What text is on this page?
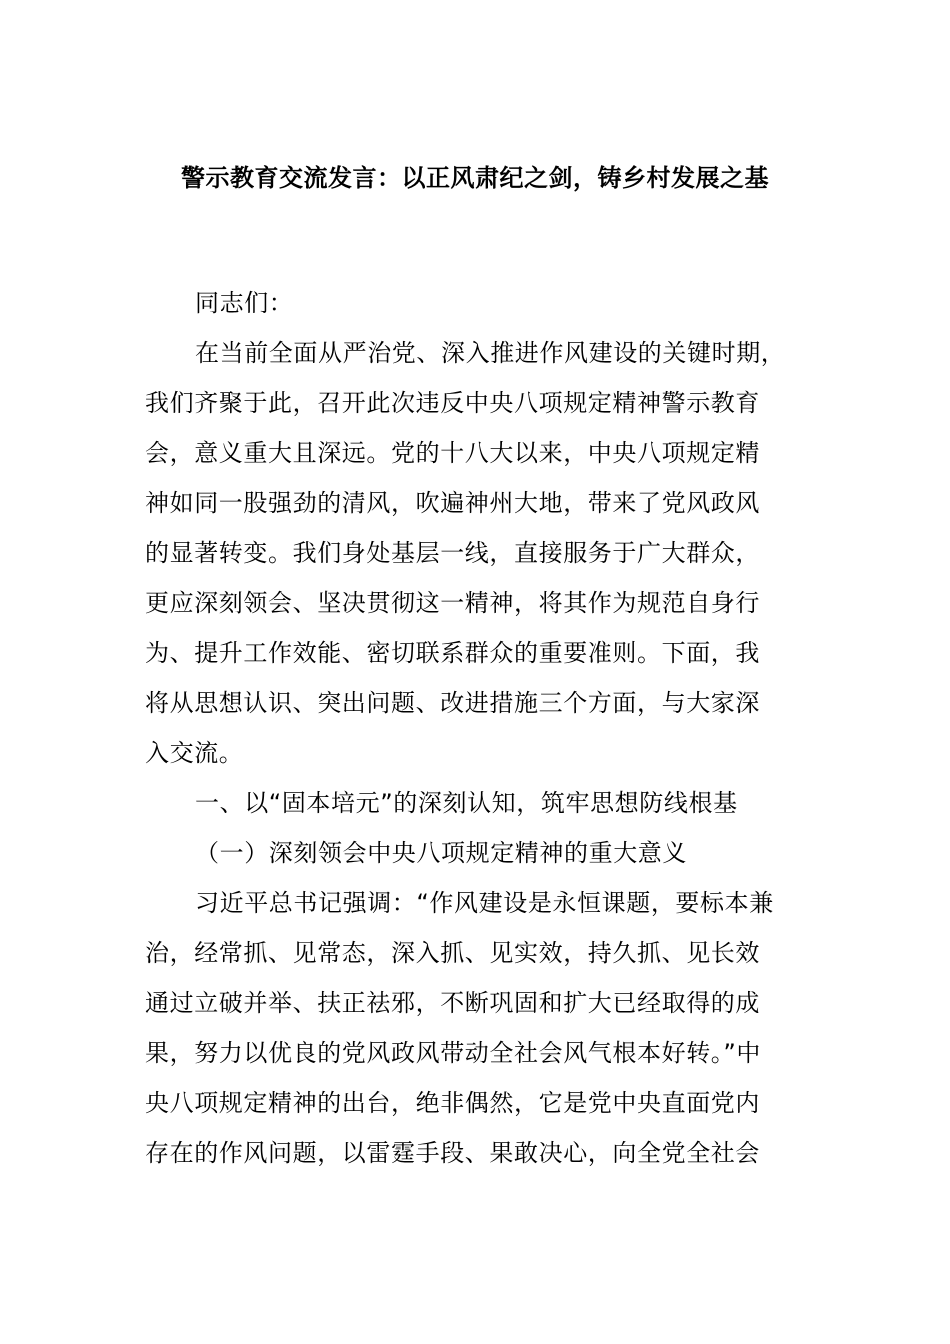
警示教育交流发言：以正风肃纪之剑，铸乡村发展之基
同志们：
在当前全面从严治党、深入推进作风建设的关键时期，
我们齐聚于此，召开此次违反中央八项规定精神警示教育
会，意义重大且深远。党的十八大以来，中央八项规定精
神如同一股强劲的清风，吹遍神州大地，带来了党风政风
的显著转变。我们身处基层一线，直接服务于广大群众，
更应深刻领会、坚决贯彻这一精神，将其作为规范自身行
为、提升工作效能、密切联系群众的重要准则。下面，我
将从思想认识、突出问题、改进措施三个方面，与大家深
入交流。
一、以“固本培元”的深刻认知，筑牢思想防线根基
（一）深刻领会中央八项规定精神的重大意义
习近平总书记强调：“作风建设是永恒课题，要标本兼
治，经常抓、见常态，深入抓、见实效，持久抓、见长效
通过立破并举、扶正祛邪，不断巩固和扩大已经取得的成
果，努力以优良的党风政风带动全社会风气根本好转。”中
央八项规定精神的出台，绝非偶然，它是党中央直面党内
存在的作风问题，以雷霆手段、果敢决心，向全党全社会
